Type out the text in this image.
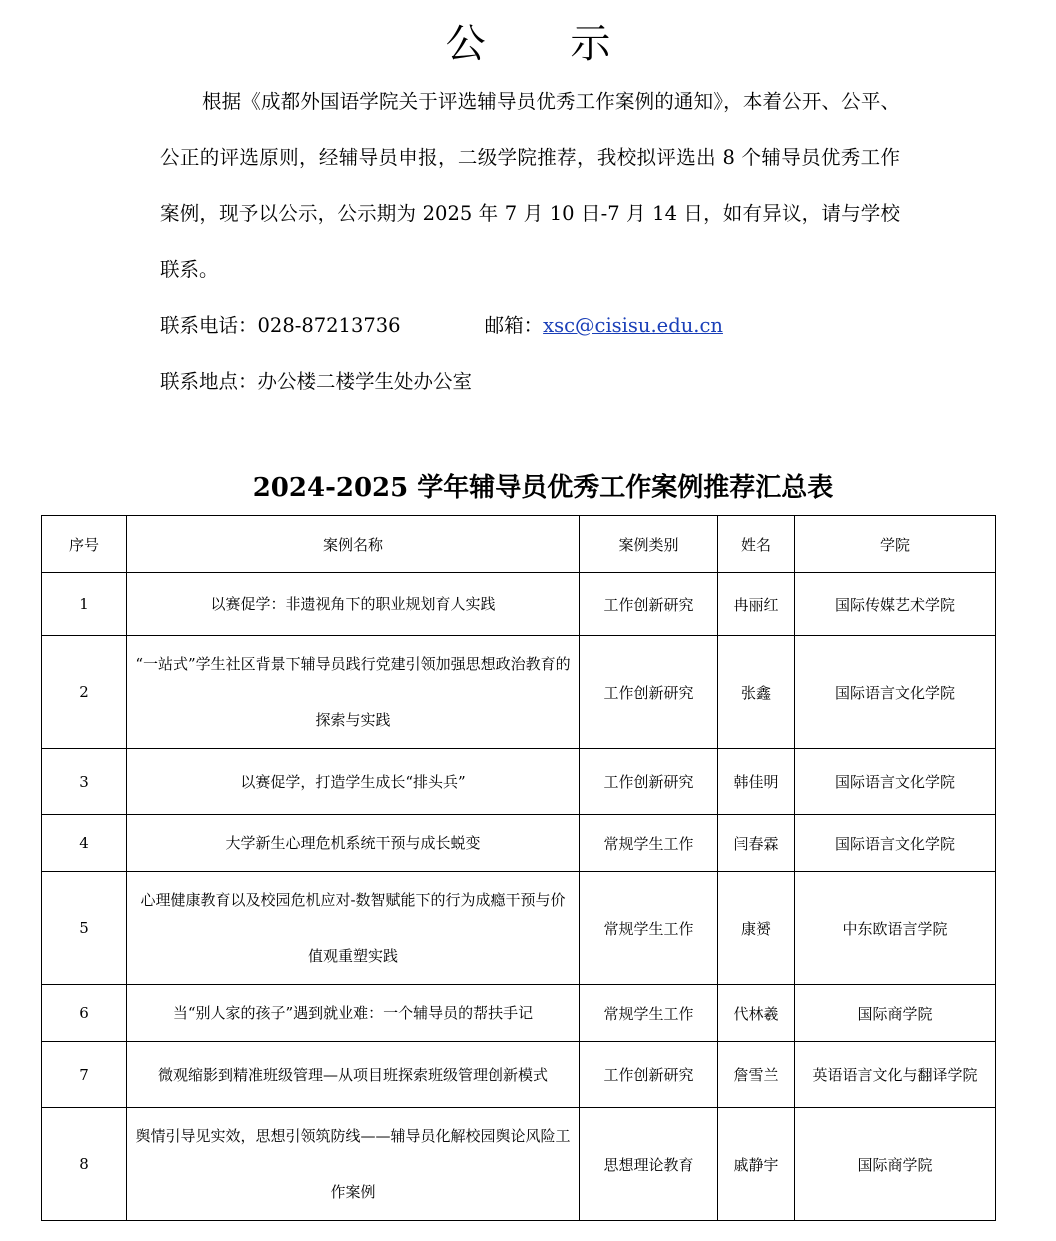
公 示

根据《成都外国语学院关于评选辅导员优秀工作案例的通知》，本着公开、公平、公正的评选原则，经辅导员申报，二级学院推荐，我校拟评选出 8 个辅导员优秀工作案例，现予以公示，公示期为 2025 年 7 月 10 日-7 月 14 日，如有异议，请与学校联系。

联系电话：028-87213736	邮箱：xsc@cisisu.edu.cn

联系地点：办公楼二楼学生处办公室

2024-2025 学年辅导员优秀工作案例推荐汇总表
序号	案例名称	案例类别	姓名	学院
1	以赛促学：非遗视角下的职业规划育人实践	工作创新研究	冉丽红	国际传媒艺术学院
2	“一站式”学生社区背景下辅导员践行党建引领加强思想政治教育的探索与实践	工作创新研究	张鑫	国际语言文化学院
3	以赛促学，打造学生成长“排头兵”	工作创新研究	韩佳明	国际语言文化学院
4	大学新生心理危机系统干预与成长蜕变	常规学生工作	闫春霖	国际语言文化学院
5	心理健康教育以及校园危机应对-数智赋能下的行为成瘾干预与价值观重塑实践	常规学生工作	康赟	中东欧语言学院
6	当“别人家的孩子”遇到就业难：一个辅导员的帮扶手记	常规学生工作	代林羲	国际商学院
7	微观缩影到精准班级管理—从项目班探索班级管理创新模式	工作创新研究	詹雪兰	英语语言文化与翻译学院
8	舆情引导见实效，思想引领筑防线——辅导员化解校园舆论风险工作案例	思想理论教育	戚静宇	国际商学院
